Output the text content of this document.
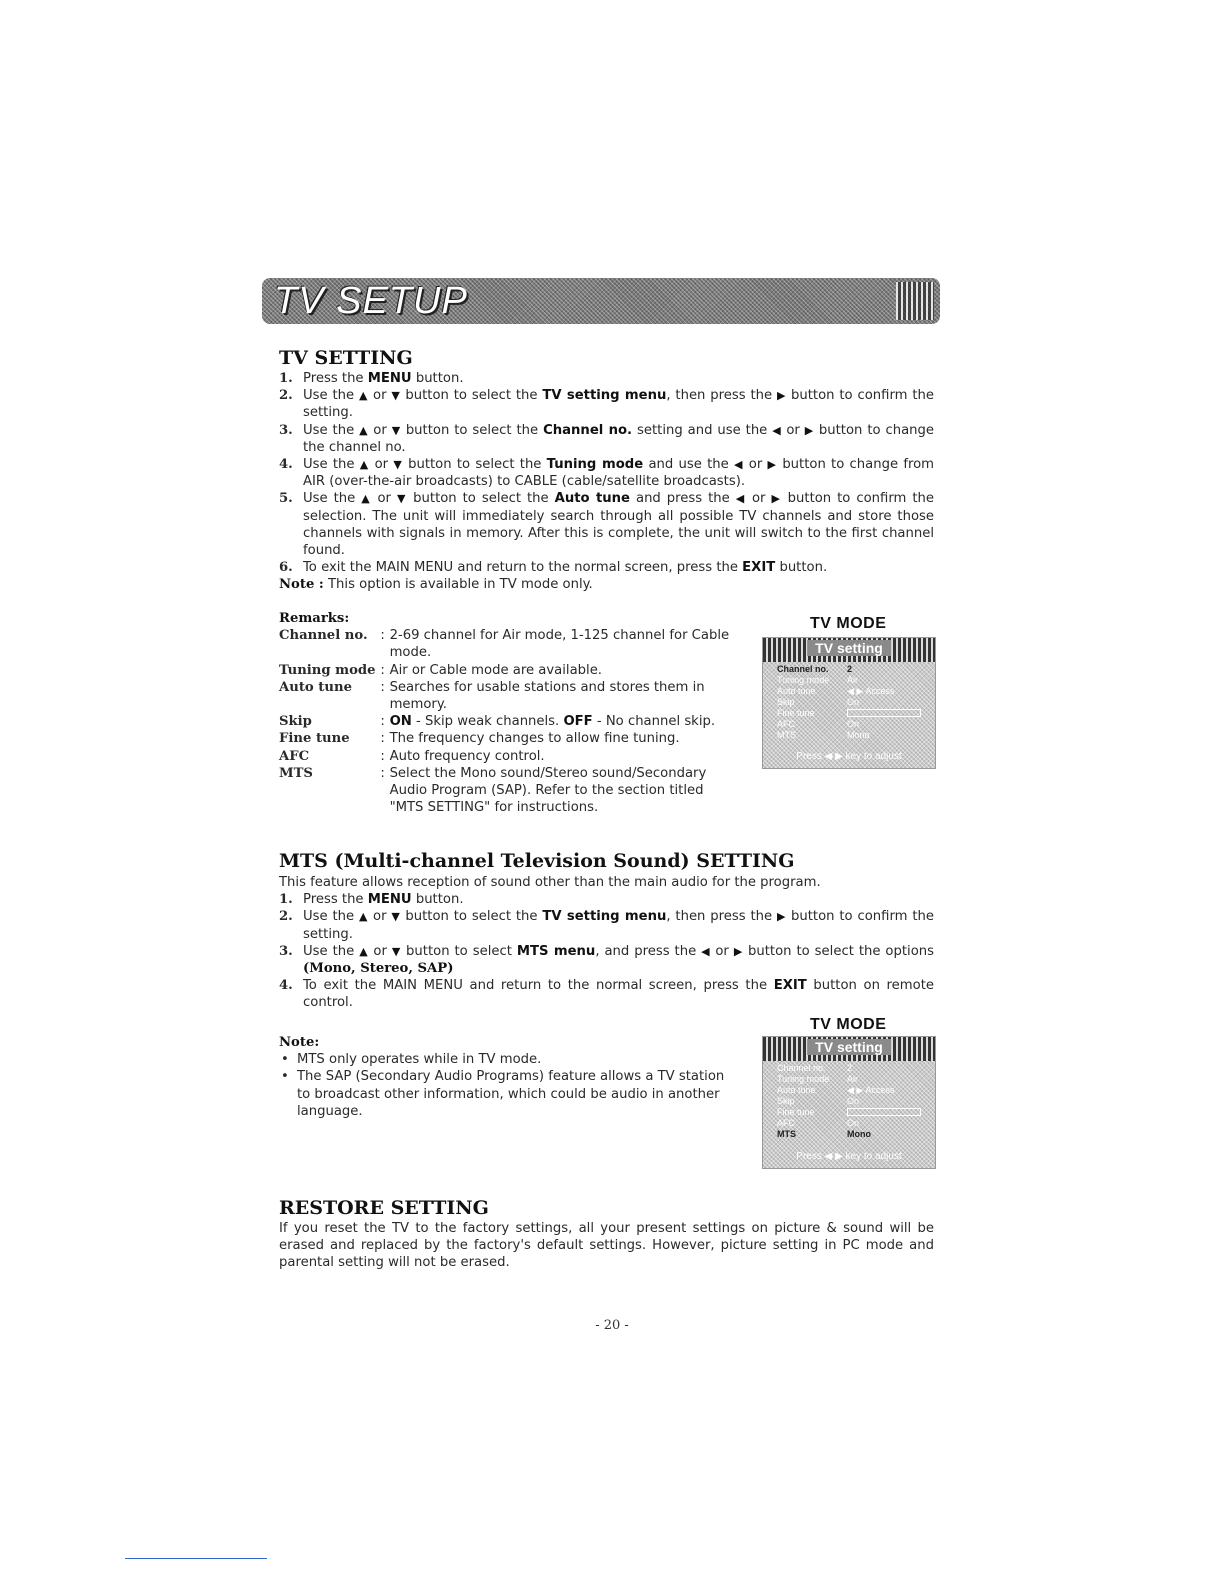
TV SETUP
TV SETTING
1. Press the MENU button.
2. Use the ▲ or ▼ button to select the TV setting menu, then press the ▶ button to confirm the setting.
3. Use the ▲ or ▼ button to select the Channel no. setting and use the ◀ or ▶ button to change the channel no.
4. Use the ▲ or ▼ button to select the Tuning mode and use the ◀ or ▶ button to change from AIR (over-the-air broadcasts) to CABLE (cable/satellite broadcasts).
5. Use the ▲ or ▼ button to select the Auto tune and press the ◀ or ▶ button to confirm the selection. The unit will immediately search through all possible TV channels and store those channels with signals in memory. After this is complete, the unit will switch to the first channel found.
6. To exit the MAIN MENU and return to the normal screen, press the EXIT button.
Note : This option is available in TV mode only.
Remarks:
Channel no.	:	2-69 channel for Air mode, 1-125 channel for Cable mode.
Tuning mode	:	Air or Cable mode are available.
Auto tune	:	Searches for usable stations and stores them in memory.
Skip	:	ON - Skip weak channels. OFF - No channel skip.
Fine tune	:	The frequency changes to allow fine tuning.
AFC	:	Auto frequency control.
MTS	:	Select the Mono sound/Stereo sound/Secondary Audio Program (SAP). Refer to the section titled "MTS SETTING" for instructions.
TV MODE
TV setting
Channel no. 2
Tuning mode Air
Auto tune	◀ ▶ Access
Skip	On
Fine tune
AFC	On
MTS	Mono
Press ◀ ▶ key to adjust
MTS (Multi-channel Television Sound) SETTING
This feature allows reception of sound other than the main audio for the program.
1. Press the MENU button.
2. Use the ▲ or ▼ button to select the TV setting menu, then press the ▶ button to confirm the setting.
3. Use the ▲ or ▼ button to select MTS menu, and press the ◀ or ▶ button to select the options (Mono, Stereo, SAP)
4. To exit the MAIN MENU and return to the normal screen, press the EXIT button on remote control.
Note:
• MTS only operates while in TV mode.
• The SAP (Secondary Audio Programs) feature allows a TV station to broadcast other information, which could be audio in another language.
TV MODE
TV setting
Channel no. 2
Tuning mode Air
Auto tune	◀ ▶ Access
Skip	On
Fine tune
AFC	On
MTS	Mono
Press ◀ ▶ key to adjust
RESTORE SETTING
If you reset the TV to the factory settings, all your present settings on picture & sound will be erased and replaced by the factory's default settings. However, picture setting in PC mode and parental setting will not be erased.
- 20 -
